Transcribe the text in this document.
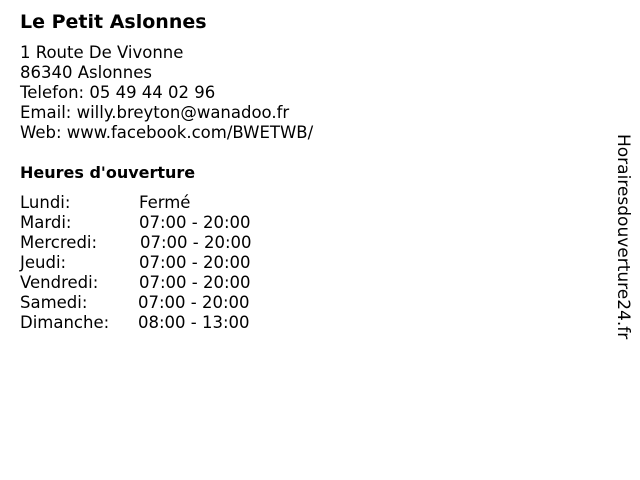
Le Petit Aslonnes
1 Route De Vivonne
86340 Aslonnes
Telefon: 05 49 44 02 96
Email: willy.breyton@wanadoo.fr
Web: www.facebook.com/BWETWB/
Heures d'ouverture
Lundi:	Fermé
Mardi:	07:00 - 20:00
Mercredi:	07:00 - 20:00
Jeudi:	07:00 - 20:00
Vendredi: 07:00 - 20:00
Samedi:	07:00 - 20:00
Dimanche: 08:00 - 13:00	Horairesdouverture24.fr
